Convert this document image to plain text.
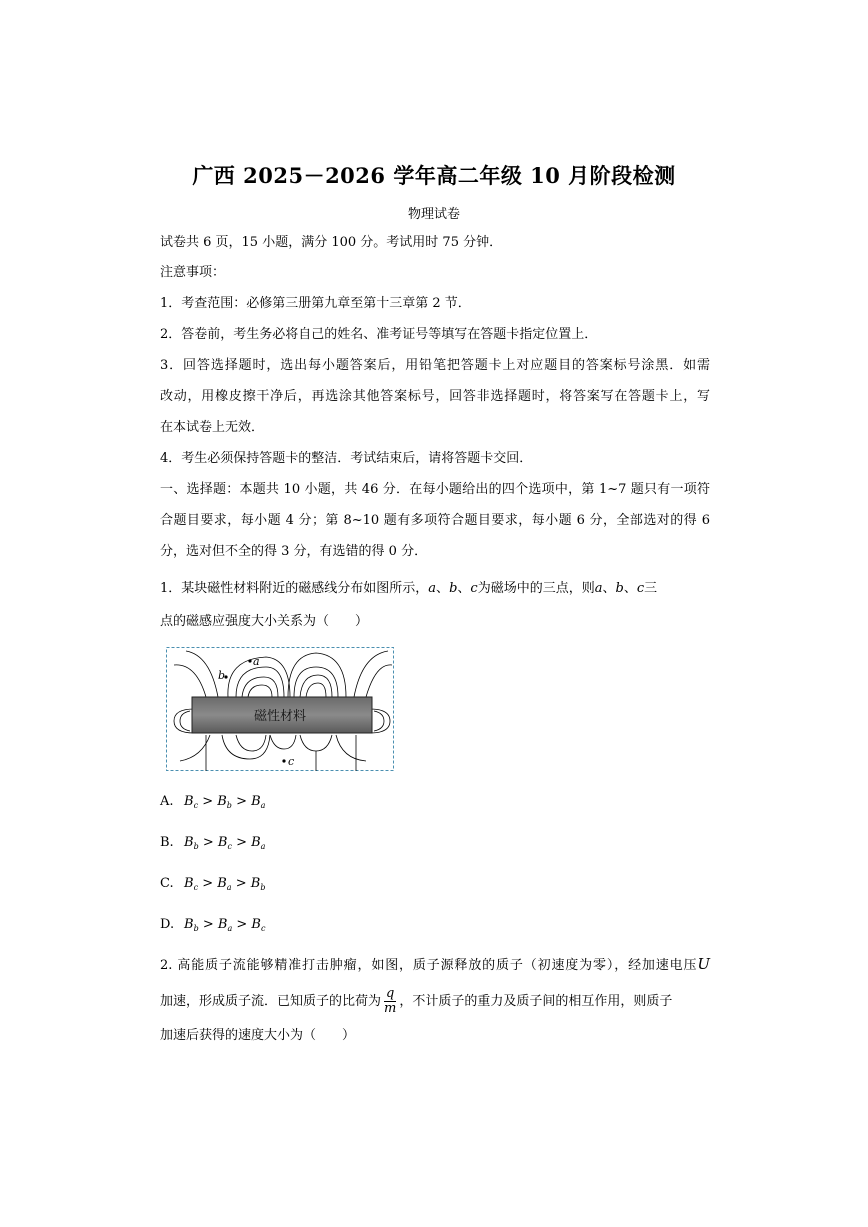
广西 2025－2026 学年高二年级 10 月阶段检测
物理试卷
试卷共 6 页，15 小题，满分 100 分。考试用时 75 分钟．
注意事项：
1．考查范围：必修第三册第九章至第十三章第 2 节．
2．答卷前，考生务必将自己的姓名、准考证号等填写在答题卡指定位置上．
3．回答选择题时，选出每小题答案后，用铅笔把答题卡上对应题目的答案标号涂黑．如需
改动，用橡皮擦干净后，再选涂其他答案标号，回答非选择题时，将答案写在答题卡上，写
在本试卷上无效．
4．考生必须保持答题卡的整洁．考试结束后，请将答题卡交回．
一、选择题：本题共 10 小题，共 46 分．在每小题给出的四个选项中，第 1~7 题只有一项符
合题目要求，每小题 4 分；第 8~10 题有多项符合题目要求，每小题 6 分，全部选对的得 6
分，选对但不全的得 3 分，有选错的得 0 分．
1．某块磁性材料附近的磁感线分布如图所示，a、b、c为磁场中的三点，则a、b、c三
点的磁感应强度大小关系为（　　）
磁性材料
a
b
c
A. $B_c > B_b > B_a$
B. $B_b > B_c > B_a$
C. $B_c > B_a > B_b$
D. $B_b > B_a > B_c$
2. 高能质子流能够精准打击肿瘤，如图，质子源释放的质子（初速度为零），经加速电压U
加速，形成质子流．已知质子的比荷为 $\frac{q}{m}$ ，不计质子的重力及质子间的相互作用，则质子
加速后获得的速度大小为（　　）
